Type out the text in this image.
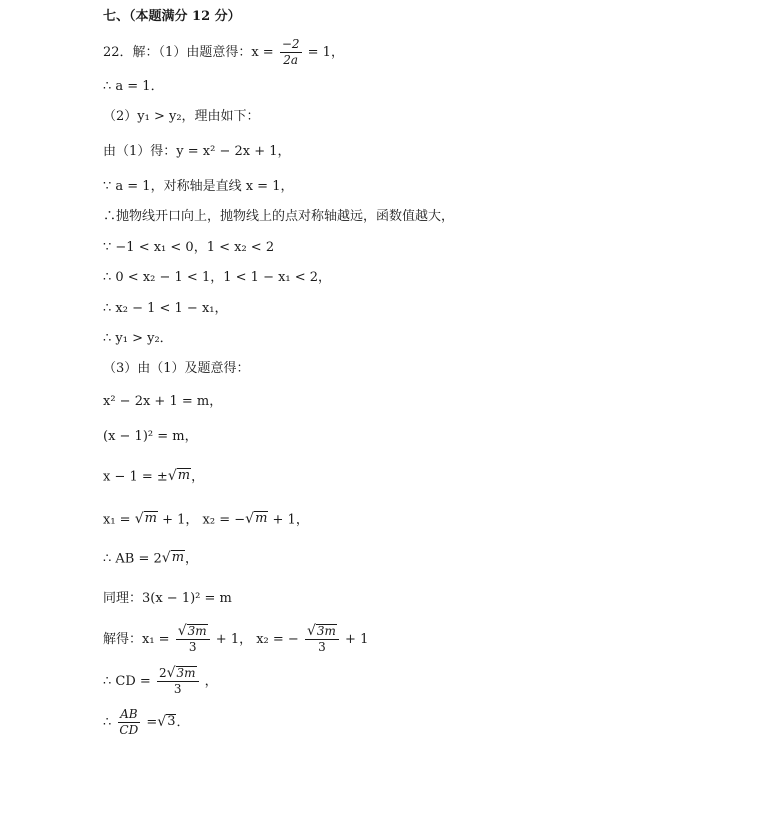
七、（本题满分 12 分）
22．解：（1）由题意得：$x = \frac{-2}{2a} = 1$，
∴ a = 1．
（2）y₁ > y₂，理由如下：
由（1）得：y = x² − 2x + 1，
∵ a = 1，对称轴是直线 x = 1，
∴抛物线开口向上，抛物线上的点对称轴越远，函数值越大，
∵ −1 < x₁ < 0，1 < x₂ < 2
∴ 0 < x₂ − 1 < 1，1 < 1 − x₁ < 2，
∴ x₂ − 1 < 1 − x₁，
∴ y₁ > y₂．
（3）由（1）及题意得：
x² − 2x + 1 = m，
(x − 1)² = m，
x − 1 = ± √ m ，
x₁ = √ m + 1， x₂ = − √ m + 1，
∴ AB = 2 √ m ，
同理：3(x − 1)² = m
解得：$x_1 = \frac{√ 3m}{3} + 1$， x₂ = − $\frac{√ 3m}{3} + 1$
∴ CD = $\frac{2 √ 3m}{3}$ ，
∴ $\frac{AB}{CD}$ = √ 3 ．
